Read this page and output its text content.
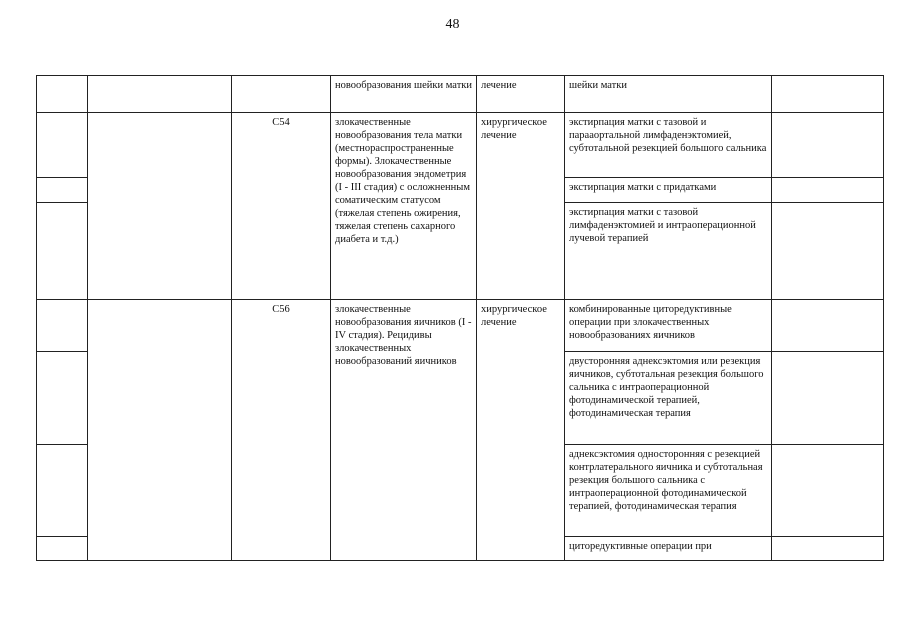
48
			новообразования шейки матки	лечение	шейки матки	
		C54	злокачественные новообразования тела матки (местнораспространенные формы). Злокачественные новообразования эндометрия (I - III стадия) с осложненным соматическим статусом (тяжелая степень ожирения, тяжелая степень сахарного диабета и т.д.)	хирургическое лечение	экстирпация матки с тазовой и парааортальной лимфаденэктомией, субтотальной резекцией большого сальника	
					экстирпация матки с придатками	
					экстирпация матки с тазовой лимфаденэктомией и интраоперационной лучевой терапией	
		C56	злокачественные новообразования яичников (I - IV стадия). Рецидивы злокачественных новообразований яичников	хирургическое лечение	комбинированные циторедуктивные операции при злокачественных новообразованиях яичников	
					двусторонняя аднексэктомия или резекция яичников, субтотальная резекция большого сальника с интраоперационной фотодинамической терапией, фотодинамическая терапия	
					аднексэктомия односторонняя с резекцией контрлатерального яичника и субтотальная резекция большого сальника с интраоперационной фотодинамической терапией, фотодинамическая терапия	
					циторедуктивные операции при	
